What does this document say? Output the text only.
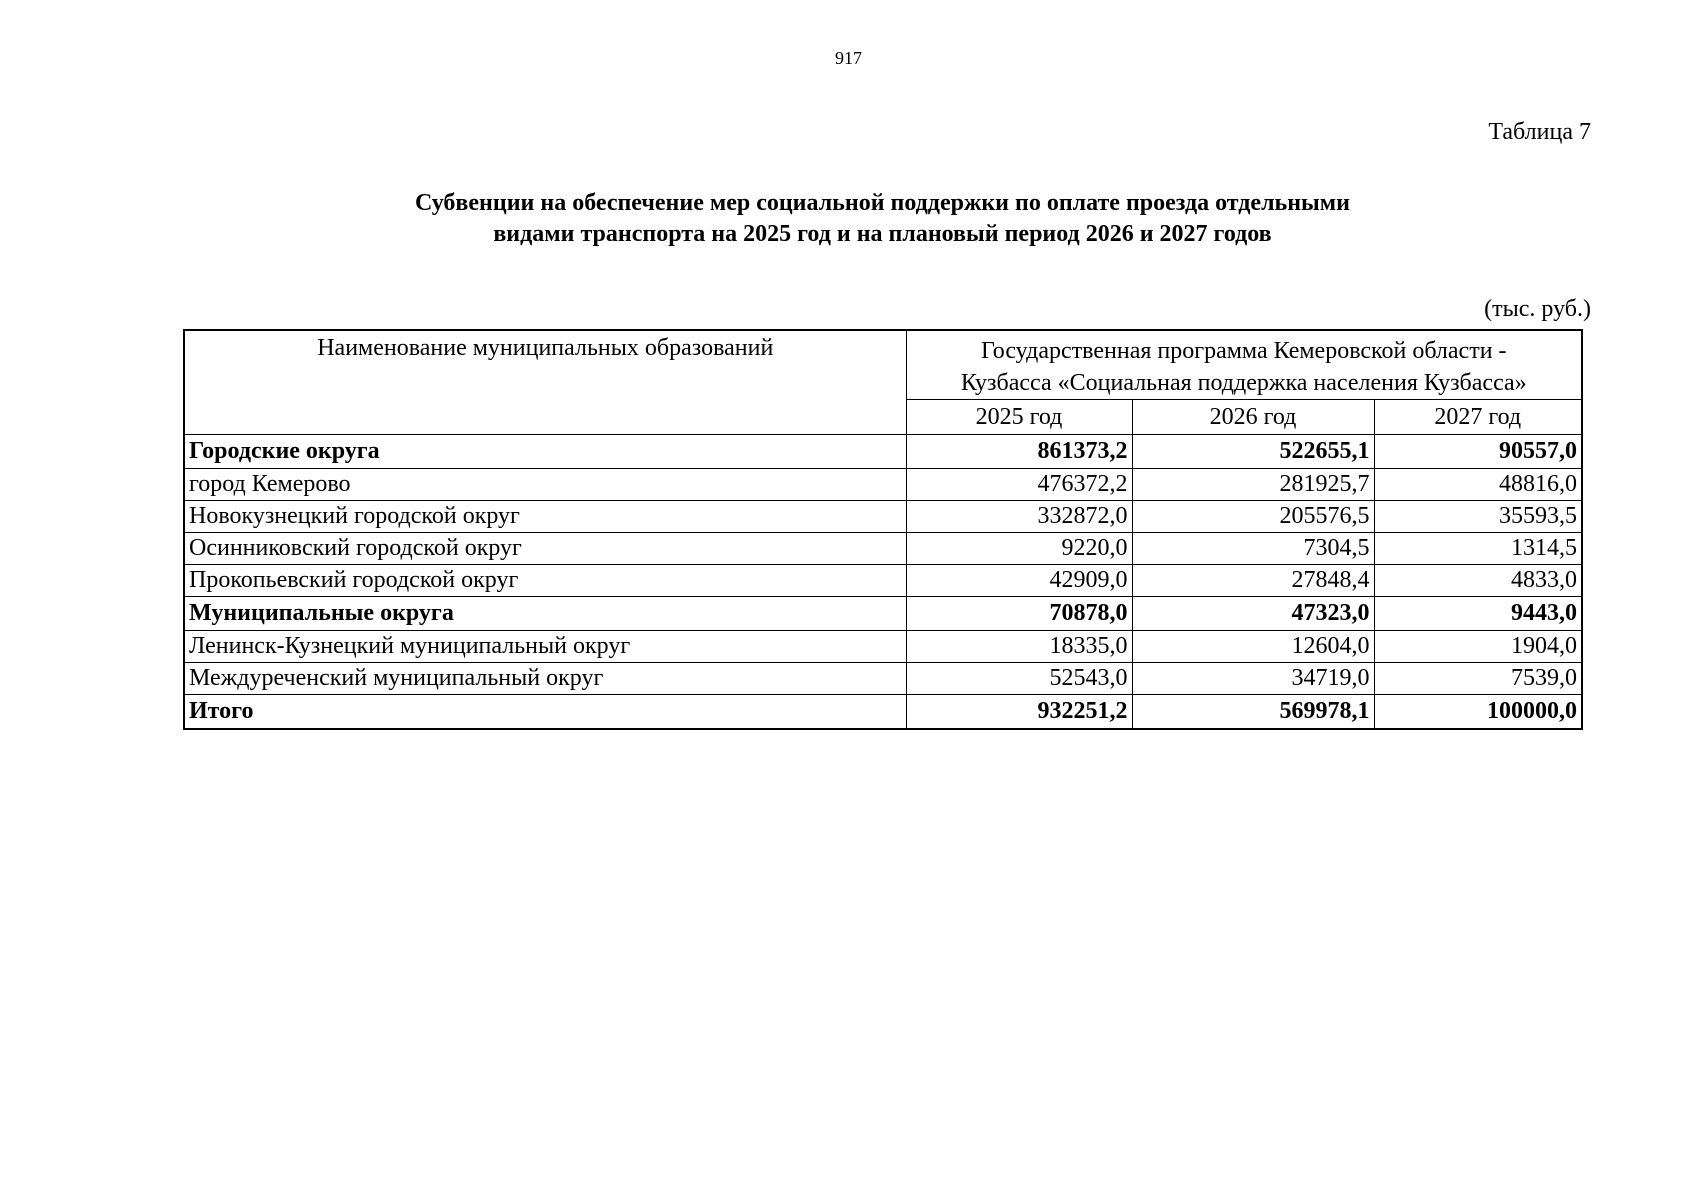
917
Таблица 7
Субвенции на обеспечение мер социальной поддержки по оплате проезда отдельными
видами транспорта на 2025 год и на плановый период 2026 и 2027 годов
(тыс. руб.)
Наименование муниципальных образований	Государственная программа Кемеровской области -
Кузбасса «Социальная поддержка населения Кузбасса»		

	2025 год	2026 год	2027 год
Городские округа	861373,2	522655,1	90557,0
город Кемерово	476372,2	281925,7	48816,0
Новокузнецкий городской округ	332872,0	205576,5	35593,5
Осинниковский городской округ	9220,0	7304,5	1314,5
Прокопьевский городской округ	42909,0	27848,4	4833,0
Муниципальные округа	70878,0	47323,0	9443,0
Ленинск-Кузнецкий муниципальный округ	18335,0	12604,0	1904,0
Междуреченский муниципальный округ	52543,0	34719,0	7539,0
Итого	932251,2	569978,1	100000,0
